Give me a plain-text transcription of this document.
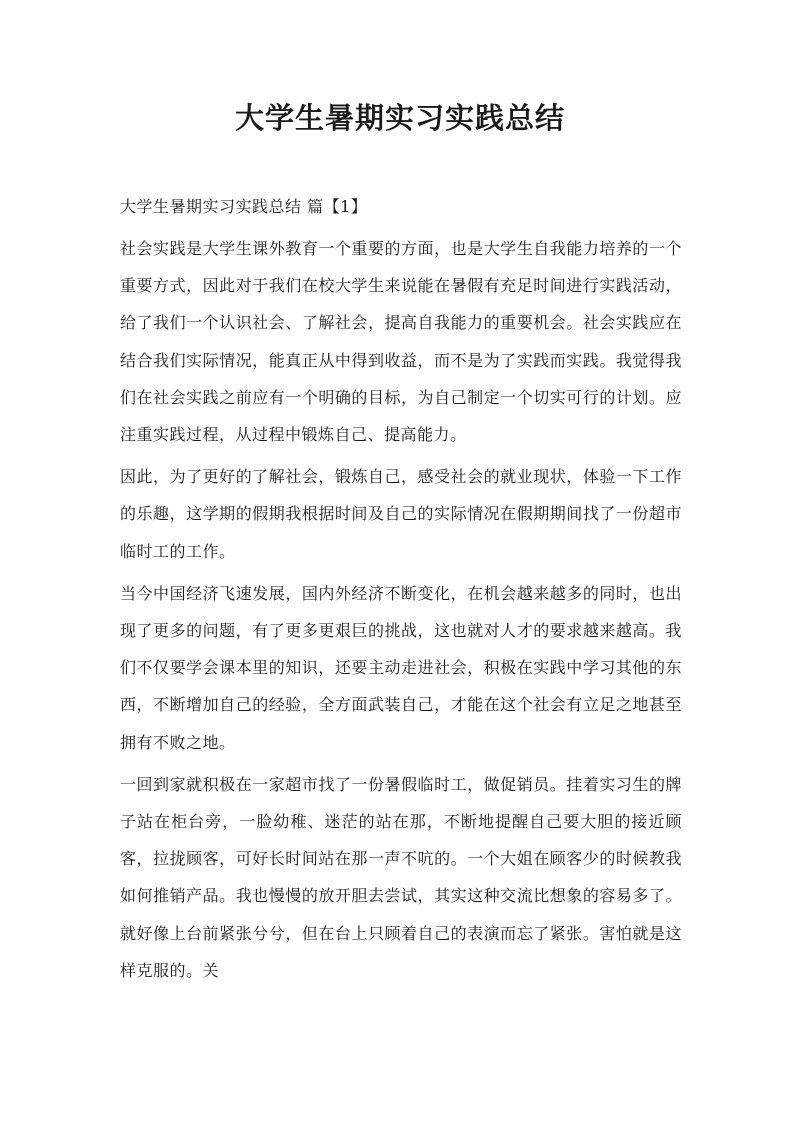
大学生暑期实习实践总结

大学生暑期实习实践总结 篇【1】

社会实践是大学生课外教育一个重要的方面，也是大学生自我能力培养的一个重要方式，因此对于我们在校大学生来说能在暑假有充足时间进行实践活动，给了我们一个认识社会、了解社会，提高自我能力的重要机会。社会实践应在结合我们实际情况，能真正从中得到收益，而不是为了实践而实践。我觉得我们在社会实践之前应有一个明确的目标，为自己制定一个切实可行的计划。应注重实践过程，从过程中锻炼自己、提高能力。

因此，为了更好的了解社会，锻炼自己，感受社会的就业现状，体验一下工作的乐趣，这学期的假期我根据时间及自己的实际情况在假期期间找了一份超市临时工的工作。

当今中国经济飞速发展，国内外经济不断变化，在机会越来越多的同时，也出现了更多的问题，有了更多更艰巨的挑战，这也就对人才的要求越来越高。我们不仅要学会课本里的知识，还要主动走进社会，积极在实践中学习其他的东西，不断增加自己的经验，全方面武装自己，才能在这个社会有立足之地甚至拥有不败之地。

一回到家就积极在一家超市找了一份暑假临时工，做促销员。挂着实习生的牌子站在柜台旁，一脸幼稚、迷茫的站在那，不断地提醒自己要大胆的接近顾客，拉拢顾客，可好长时间站在那一声不吭的。一个大姐在顾客少的时候教我如何推销产品。我也慢慢的放开胆去尝试，其实这种交流比想象的容易多了。就好像上台前紧张兮兮，但在台上只顾着自己的表演而忘了紧张。害怕就是这样克服的。关
